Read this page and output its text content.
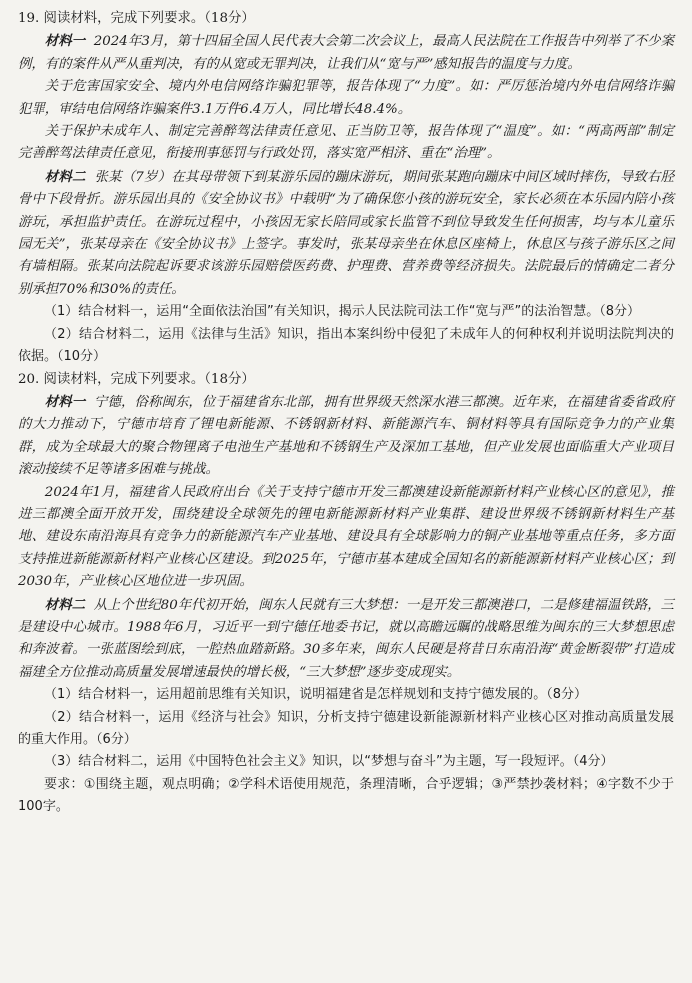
19. 阅读材料，完成下列要求。（18分）

材料一 2024年3月，第十四届全国人民代表大会第二次会议上，最高人民法院在工作报告中列举了不少案例，有的案件从严从重判决，有的从宽或无罪判决，让我们从“宽与严”感知报告的温度与力度。

关于危害国家安全、境内外电信网络诈骗犯罪等，报告体现了“力度”。如：严厉惩治境内外电信网络诈骗犯罪，审结电信网络诈骗案件3.1万件6.4万人，同比增长48.4%。

关于保护未成年人、制定完善醉驾法律责任意见、正当防卫等，报告体现了“温度”。如：“两高两部”制定完善醉驾法律责任意见，衔接刑事惩罚与行政处罚，落实宽严相济、重在“治理”。

材料二 张某（7岁）在其母带领下到某游乐园的蹦床游玩，期间张某跑向蹦床中间区域时摔伤，导致右胫骨中下段骨折。游乐园出具的《安全协议书》中载明“为了确保您小孩的游玩安全，家长必须在本乐园内陪小孩游玩，承担监护责任。在游玩过程中，小孩因无家长陪同或家长监管不到位导致发生任何损害，均与本儿童乐园无关”，张某母亲在《安全协议书》上签字。事发时，张某母亲坐在休息区座椅上，休息区与孩子游乐区之间有墙相隔。张某向法院起诉要求该游乐园赔偿医药费、护理费、营养费等经济损失。法院最后的情确定二者分别承担70%和30%的责任。

（1）结合材料一，运用“全面依法治国”有关知识，揭示人民法院司法工作“宽与严”的法治智慧。（8分）

（2）结合材料二，运用《法律与生活》知识，指出本案纠纷中侵犯了未成年人的何种权利并说明法院判决的依据。（10分）

20. 阅读材料，完成下列要求。（18分）

材料一 宁德，俗称闽东，位于福建省东北部，拥有世界级天然深水港三都澳。近年来，在福建省委省政府的大力推动下，宁德市培育了锂电新能源、不锈钢新材料、新能源汽车、铜材料等具有国际竞争力的产业集群，成为全球最大的聚合物锂离子电池生产基地和不锈钢生产及深加工基地，但产业发展也面临重大产业项目滚动接续不足等诸多困难与挑战。

2024年1月，福建省人民政府出台《关于支持宁德市开发三都澳建设新能源新材料产业核心区的意见》，推进三都澳全面开放开发，围绕建设全球领先的锂电新能源新材料产业集群、建设世界级不锈钢新材料生产基地、建设东南沿海具有竞争力的新能源汽车产业基地、建设具有全球影响力的铜产业基地等重点任务，多方面支持推进新能源新材料产业核心区建设。到2025年，宁德市基本建成全国知名的新能源新材料产业核心区；到2030年，产业核心区地位进一步巩固。

材料二 从上个世纪80年代初开始，闽东人民就有三大梦想：一是开发三都澳港口，二是修建福温铁路，三是建设中心城市。1988年6月，习近平一到宁德任地委书记，就以高瞻远瞩的战略思维为闽东的三大梦想思虑和奔波着。一张蓝图绘到底，一腔热血踏新路。30多年来，闽东人民硬是将昔日东南沿海“黄金断裂带”打造成福建全方位推动高质量发展增速最快的增长极，“三大梦想”逐步变成现实。

（1）结合材料一，运用超前思维有关知识，说明福建省是怎样规划和支持宁德发展的。（8分）

（2）结合材料一，运用《经济与社会》知识，分析支持宁德建设新能源新材料产业核心区对推动高质量发展的重大作用。（6分）

（3）结合材料二，运用《中国特色社会主义》知识，以“梦想与奋斗”为主题，写一段短评。（4分）

要求：①围绕主题，观点明确；②学科术语使用规范，条理清晰，合乎逻辑；③严禁抄袭材料；④字数不少于100字。
